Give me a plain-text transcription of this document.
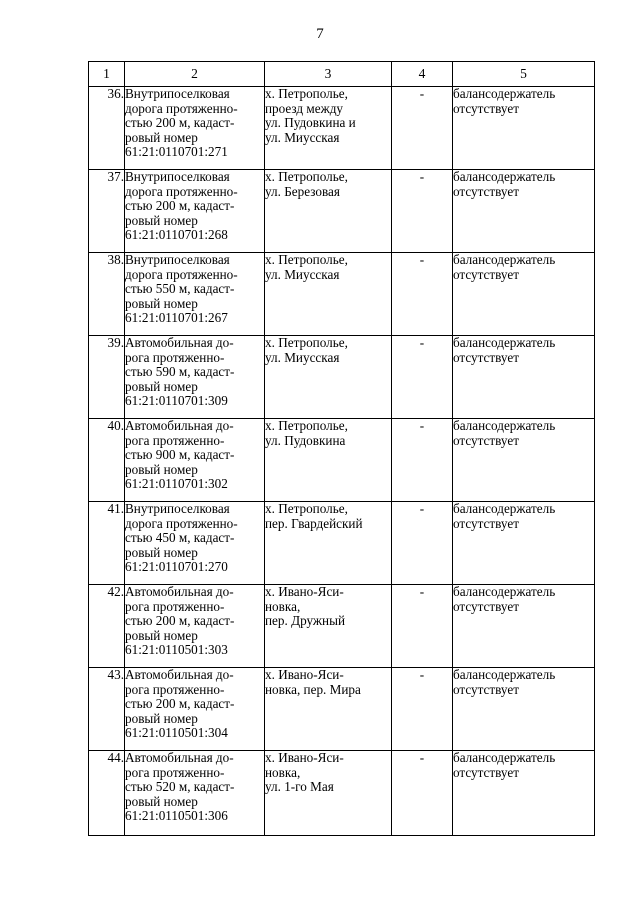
7
1	2	3	4	5
36.	Внутрипоселковая
дорога протяженно-
стью 200 м, кадаст-
ровый номер
61:21:0110701:271	х. Петрополье,
проезд между
ул. Пудовкина и
ул. Миусская	-	балансодержатель
отсутствует
37.	Внутрипоселковая
дорога протяженно-
стью 200 м, кадаст-
ровый номер
61:21:0110701:268	х. Петрополье,
ул. Березовая	-	балансодержатель
отсутствует
38.	Внутрипоселковая
дорога протяженно-
стью 550 м, кадаст-
ровый номер
61:21:0110701:267	х. Петрополье,
ул. Миусская	-	балансодержатель
отсутствует
39.	Автомобильная до-
рога протяженно-
стью 590 м, кадаст-
ровый номер
61:21:0110701:309	х. Петрополье,
ул. Миусская	-	балансодержатель
отсутствует
40.	Автомобильная до-
рога протяженно-
стью 900 м, кадаст-
ровый номер
61:21:0110701:302	х. Петрополье,
ул. Пудовкина	-	балансодержатель
отсутствует
41.	Внутрипоселковая
дорога протяженно-
стью 450 м, кадаст-
ровый номер
61:21:0110701:270	х. Петрополье,
пер. Гвардейский	-	балансодержатель
отсутствует
42.	Автомобильная до-
рога протяженно-
стью 200 м, кадаст-
ровый номер
61:21:0110501:303	х. Ивано-Яси-
новка,
пер. Дружный	-	балансодержатель
отсутствует
43.	Автомобильная до-
рога протяженно-
стью 200 м, кадаст-
ровый номер
61:21:0110501:304	х. Ивано-Яси-
новка, пер. Мира	-	балансодержатель
отсутствует
44.	Автомобильная до-
рога протяженно-
стью 520 м, кадаст-
ровый номер
61:21:0110501:306	х. Ивано-Яси-
новка,
ул. 1-го Мая	-	балансодержатель
отсутствует
